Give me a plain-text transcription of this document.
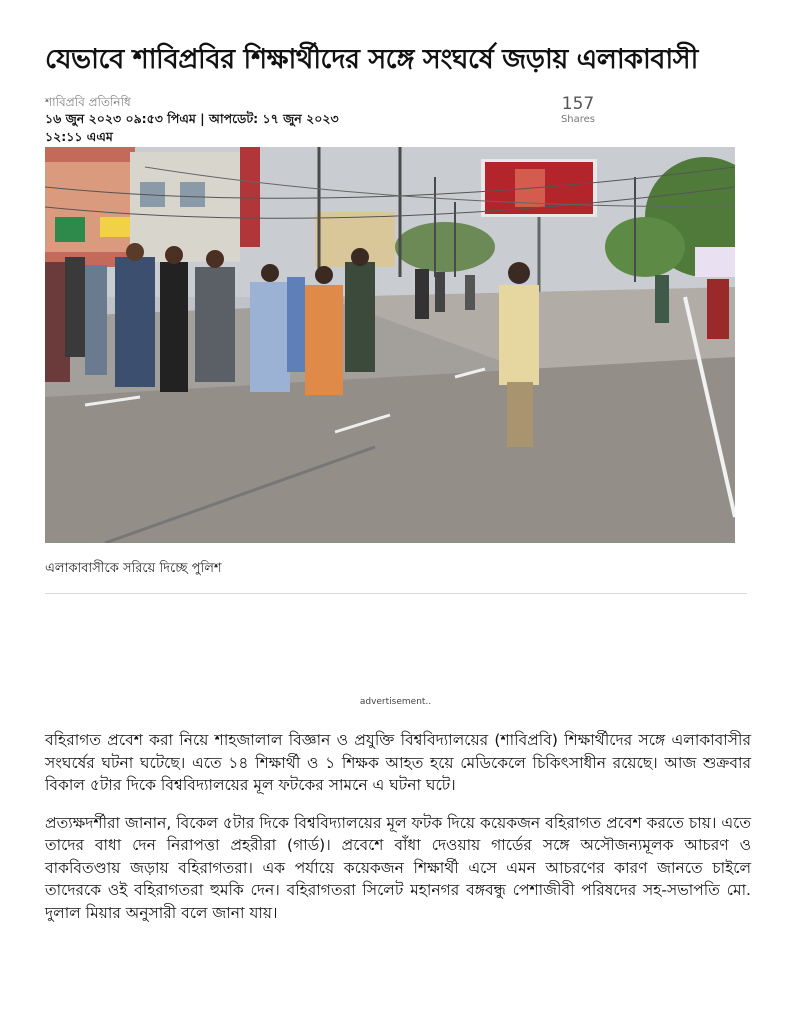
যেভাবে শাবিপ্রবির শিক্ষার্থীদের সঙ্গে সংঘর্ষে জড়ায় এলাকাবাসী

শাবিপ্রবি প্রতিনিধি

১৬ জুন ২০২৩ ০৯:৫৩ পিএম | আপডেট: ১৭ জুন ২০২৩

১২:১১ এএম

157
Shares

এলাকাবাসীকে সরিয়ে দিচ্ছে পুলিশ

advertisement..

বহিরাগত প্রবেশ করা নিয়ে শাহজালাল বিজ্ঞান ও প্রযুক্তি বিশ্ববিদ্যালয়ের (শাবিপ্রবি) শিক্ষার্থীদের সঙ্গে এলাকাবাসীর সংঘর্ষের ঘটনা ঘটেছে। এতে ১৪ শিক্ষার্থী ও ১ শিক্ষক আহত হয়ে মেডিকেলে চিকিৎসাধীন রয়েছে। আজ শুক্রবার বিকাল ৫টার দিকে বিশ্ববিদ্যালয়ের মূল ফটকের সামনে এ ঘটনা ঘটে।

প্রত্যক্ষদর্শীরা জানান, বিকেল ৫টার দিকে বিশ্ববিদ্যালয়ের মূল ফটক দিয়ে কয়েকজন বহিরাগত প্রবেশ করতে চায়। এতে তাদের বাধা দেন নিরাপত্তা প্রহরীরা (গার্ড)। প্রবেশে বাঁধা দেওয়ায় গার্ডের সঙ্গে অসৌজন্যমূলক আচরণ ও বাকবিতণ্ডায় জড়ায় বহিরাগতরা। এক পর্যায়ে কয়েকজন শিক্ষার্থী এসে এমন আচরণের কারণ জানতে চাইলে তাদেরকে ওই বহিরাগতরা হুমকি দেন। বহিরাগতরা সিলেট মহানগর বঙ্গবন্ধু পেশাজীবী পরিষদের সহ-সভাপতি মো. দুলাল মিয়ার অনুসারী বলে জানা যায়।
